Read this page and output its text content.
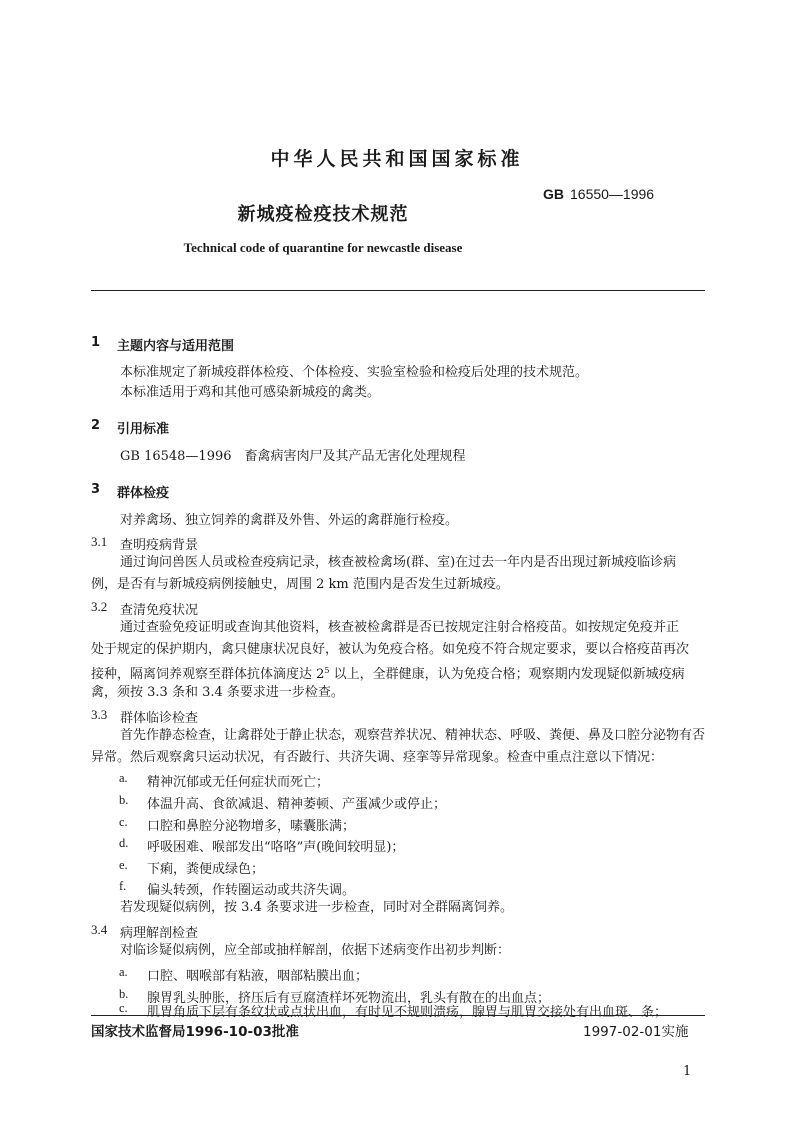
中华人民共和国国家标准
GB 16550—1996
新城疫检疫技术规范
Technical code of quarantine for newcastle disease
1 主题内容与适用范围
本标准规定了新城疫群体检疫、个体检疫、实验室检验和检疫后处理的技术规范。
本标准适用于鸡和其他可感染新城疫的禽类。
2 引用标准
GB 16548—1996　畜禽病害肉尸及其产品无害化处理规程
3 群体检疫
对养禽场、独立饲养的禽群及外售、外运的禽群施行检疫。
3.1 查明疫病背景
通过询问兽医人员或检查疫病记录，核查被检禽场(群、室)在过去一年内是否出现过新城疫临诊病
例，是否有与新城疫病例接触史，周围 2 km 范围内是否发生过新城疫。
3.2 查清免疫状况
通过查验免疫证明或查询其他资料，核查被检禽群是否已按规定注射合格疫苗。如按规定免疫并正
处于规定的保护期内，禽只健康状况良好，被认为免疫合格。如免疫不符合规定要求，要以合格疫苗再次
接种，隔离饲养观察至群体抗体滴度达 $2^5$ 以上，全群健康，认为免疫合格；观察期内发现疑似新城疫病
禽，须按 3.3 条和 3.4 条要求进一步检查。
3.3 群体临诊检查
首先作静态检查，让禽群处于静止状态，观察营养状况、精神状态、呼吸、粪便、鼻及口腔分泌物有否
异常。然后观察禽只运动状况，有否跛行、共济失调、痉挛等异常现象。检查中重点注意以下情况：
a. 精神沉郁或无任何症状而死亡；
b. 体温升高、食欲减退、精神萎顿、产蛋减少或停止；
c. 口腔和鼻腔分泌物增多，嗉囊胀满；
d. 呼吸困难、喉部发出“咯咯”声(晚间较明显)；
e. 下痢，粪便成绿色；
f. 偏头转颈，作转圈运动或共济失调。
若发现疑似病例，按 3.4 条要求进一步检查，同时对全群隔离饲养。
3.4 病理解剖检查
对临诊疑似病例，应全部或抽样解剖，依据下述病变作出初步判断：
a. 口腔、咽喉部有粘液，咽部粘膜出血；
b. 腺胃乳头肿胀，挤压后有豆腐渣样坏死物流出，乳头有散在的出血点；
c. 肌胃角质下层有条纹状或点状出血，有时见不规则溃疡，腺胃与肌胃交接处有出血斑、条；
国家技术监督局1996-10-03批准	1997-02-01实施
1
